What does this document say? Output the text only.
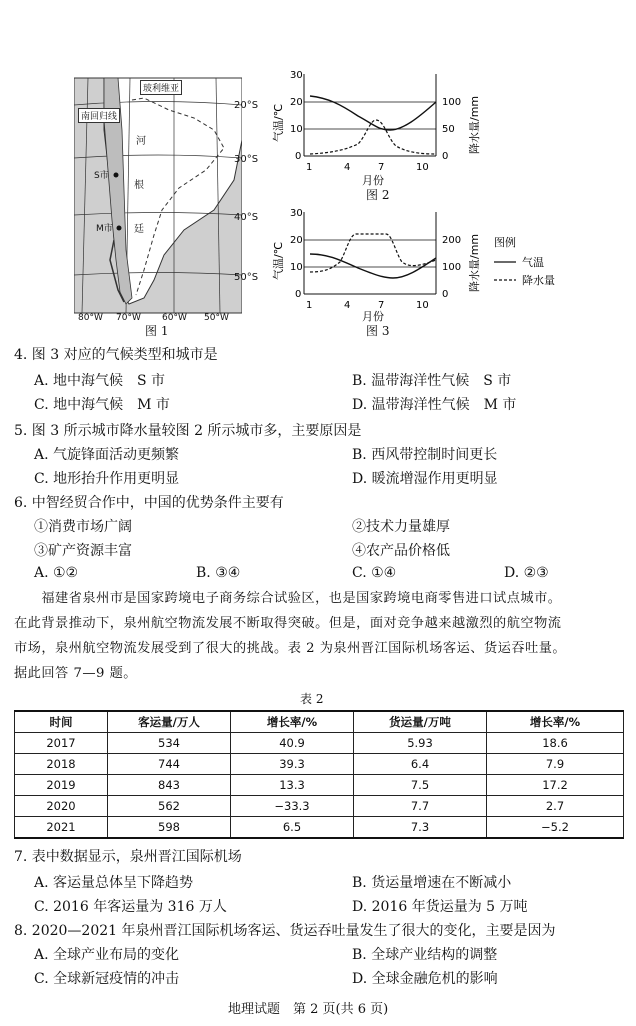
玻利维亚
南回归线
河
根
廷
S市
M市
20°S
30°S
40°S
50°S
80°W 70°W 60°W 50°W
图 1
30
20
10
0
100
50
0
1	4	7	10
月份
气温/℃	降水量/mm
图 2
30
20
10
0
200
100
0
1	4	7	10
月份
气温/℃	降水量/mm 图例
气温
降水量
图 3
4. 图 3 对应的气候类型和城市是
A. 地中海气候　S 市	B. 温带海洋性气候　S 市
C. 地中海气候　M 市	D. 温带海洋性气候　M 市
5. 图 3 所示城市降水量较图 2 所示城市多，主要原因是
A. 气旋锋面活动更频繁	B. 西风带控制时间更长
C. 地形抬升作用更明显	D. 暖流增湿作用更明显
6. 中智经贸合作中，中国的优势条件主要有
①消费市场广阔	②技术力量雄厚
③矿产资源丰富	④农产品价格低
A. ①②	B. ③④	C. ①④	D. ②③
　　福建省泉州市是国家跨境电子商务综合试验区，也是国家跨境电商零售进口试点城市。
在此背景推动下，泉州航空物流发展不断取得突破。但是，面对竞争越来越激烈的航空物流
市场，泉州航空物流发展受到了很大的挑战。表 2 为泉州晋江国际机场客运、货运吞吐量。
据此回答 7—9 题。
表 2
时间	客运量/万人	增长率/%	货运量/万吨	增长率/%
2017	534	40.9	5.93	18.6
2018	744	39.3	6.4	7.9
2019	843	13.3	7.5	17.2
2020	562	−33.3	7.7	2.7
2021	598	6.5	7.3	−5.2
7. 表中数据显示，泉州晋江国际机场
A. 客运量总体呈下降趋势	B. 货运量增速在不断减小
C. 2016 年客运量为 316 万人	D. 2016 年货运量为 5 万吨
8. 2020—2021 年泉州晋江国际机场客运、货运吞吐量发生了很大的变化，主要是因为
A. 全球产业布局的变化	B. 全球产业结构的调整
C. 全球新冠疫情的冲击	D. 全球金融危机的影响
地理试题　第 2 页(共 6 页)
